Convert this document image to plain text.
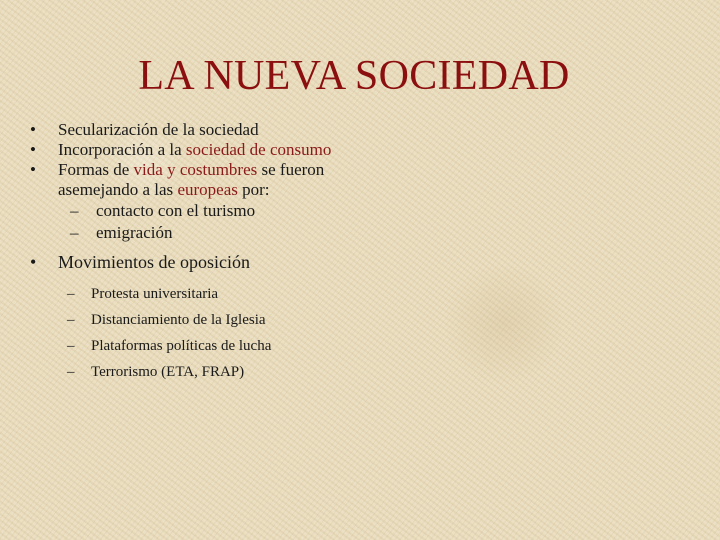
LA NUEVA SOCIEDAD
• Secularización de la sociedad
• Incorporación a la sociedad de consumo
• Formas de vida y costumbres se fueron asemejando a las europeas por:
– contacto con el turismo
– emigración
• Movimientos de oposición
– Protesta universitaria
– Distanciamiento de la Iglesia
– Plataformas políticas de lucha
– Terrorismo (ETA, FRAP)
